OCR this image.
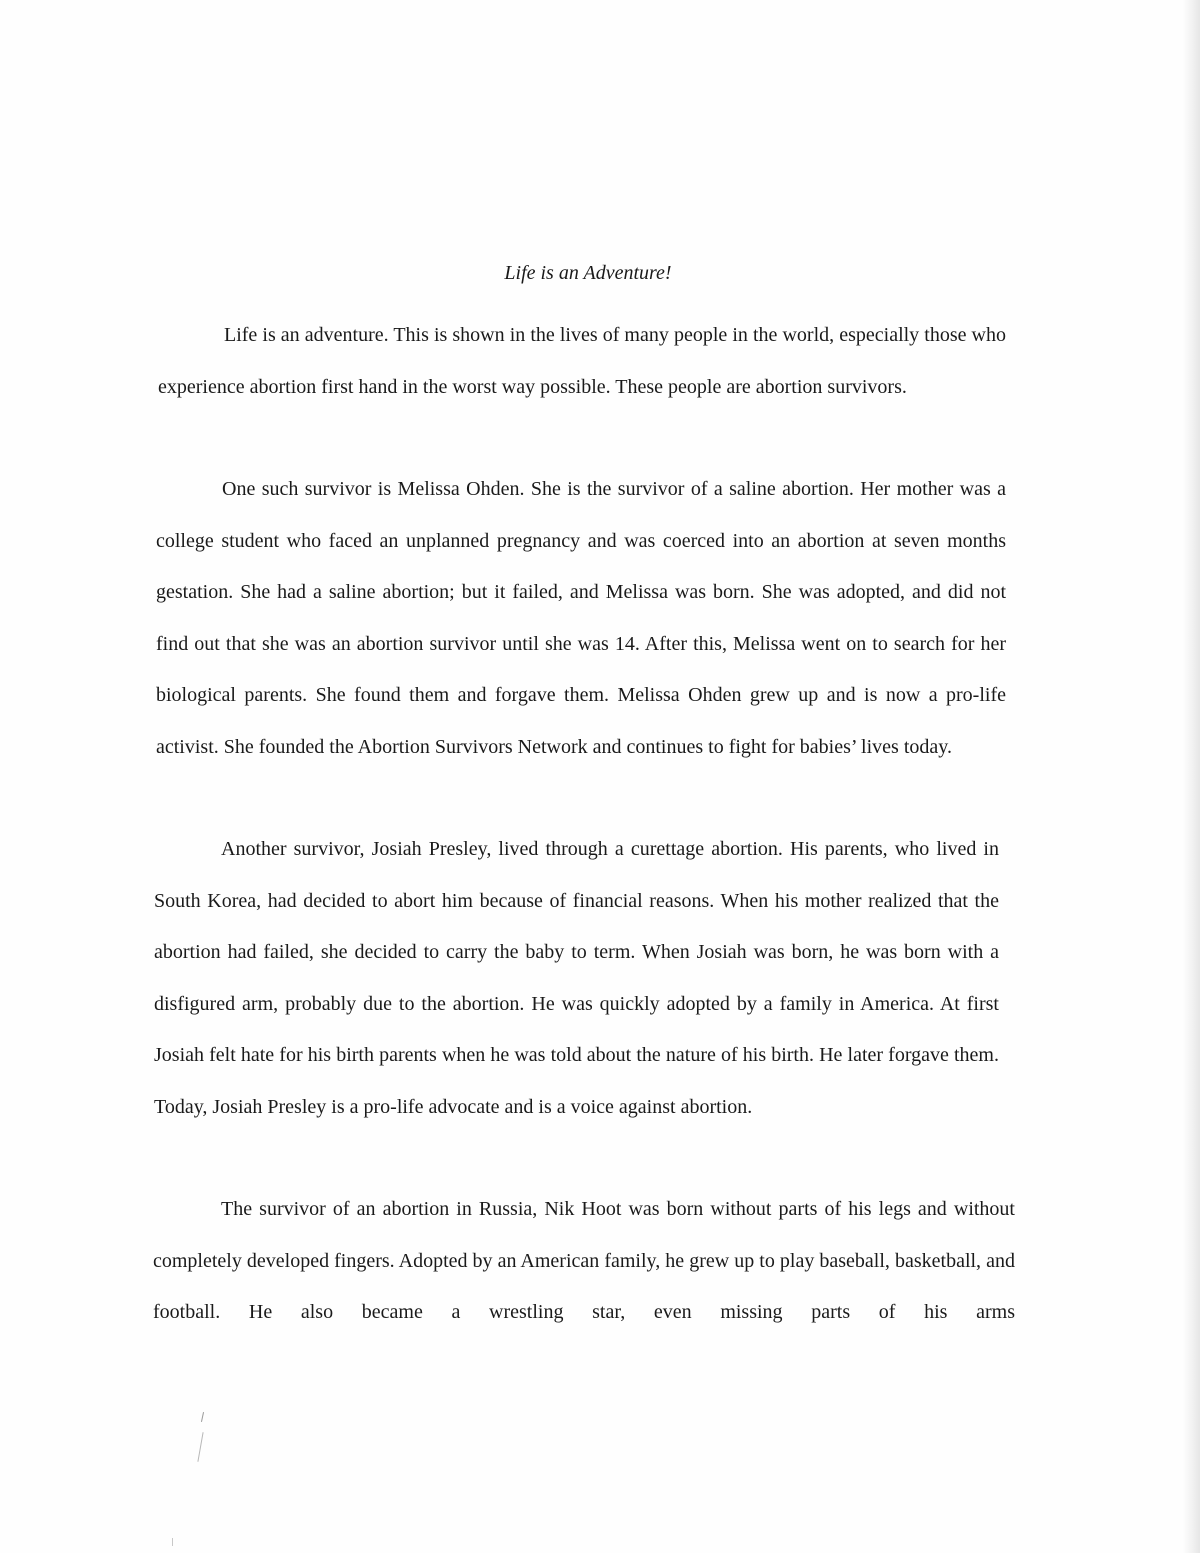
Life is an Adventure!

Life is an adventure. This is shown in the lives of many people in the world, especially those who experience abortion first hand in the worst way possible. These people are abortion survivors.

One such survivor is Melissa Ohden. She is the survivor of a saline abortion. Her mother was a college student who faced an unplanned pregnancy and was coerced into an abortion at seven months gestation. She had a saline abortion; but it failed, and Melissa was born. She was adopted, and did not find out that she was an abortion survivor until she was 14. After this, Melissa went on to search for her biological parents. She found them and forgave them. Melissa Ohden grew up and is now a pro-life activist. She founded the Abortion Survivors Network and continues to fight for babies’ lives today.

Another survivor, Josiah Presley, lived through a curettage abortion. His parents, who lived in South Korea, had decided to abort him because of financial reasons. When his mother realized that the abortion had failed, she decided to carry the baby to term. When Josiah was born, he was born with a disfigured arm, probably due to the abortion. He was quickly adopted by a family in America. At first Josiah felt hate for his birth parents when he was told about the nature of his birth. He later forgave them. Today, Josiah Presley is a pro-life advocate and is a voice against abortion.

The survivor of an abortion in Russia, Nik Hoot was born without parts of his legs and without completely developed fingers. Adopted by an American family, he grew up to play baseball, basketball, and football. He also became a wrestling star, even missing parts of his arms
